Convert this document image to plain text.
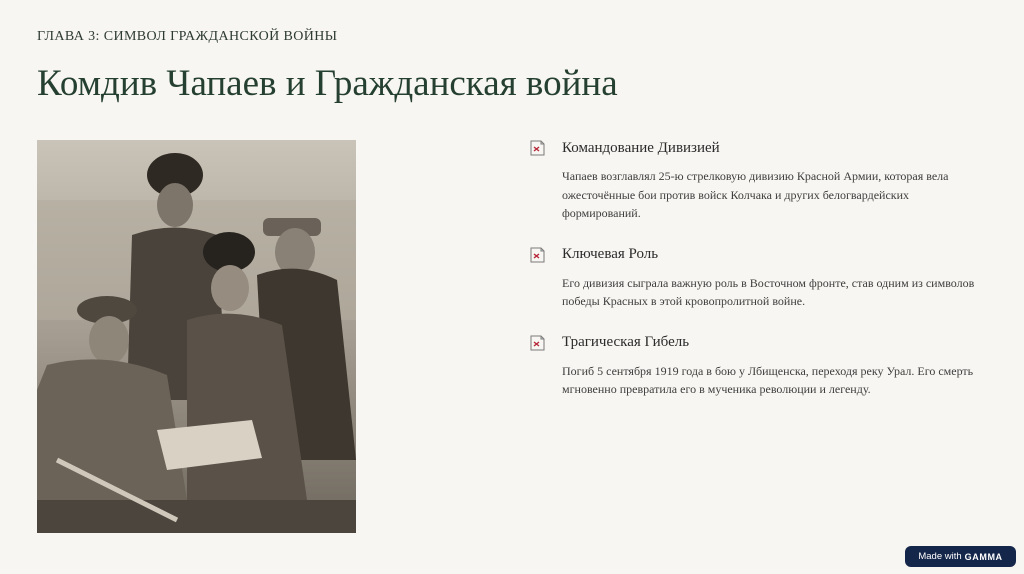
ГЛАВА 3: СИМВОЛ ГРАЖДАНСКОЙ ВОЙНЫ
Комдив Чапаев и Гражданская война
Командование Дивизией
Чапаев возглавлял 25-ю стрелковую дивизию Красной Армии, которая вела ожесточённые бои против войск Колчака и других белогвардейских формирований.
Ключевая Роль
Его дивизия сыграла важную роль в Восточном фронте, став одним из символов победы Красных в этой кровопролитной войне.
Трагическая Гибель
Погиб 5 сентября 1919 года в бою у Лбищенска, переходя реку Урал. Его смерть мгновенно превратила его в мученика революции и легенду.
Made with GAMMA
